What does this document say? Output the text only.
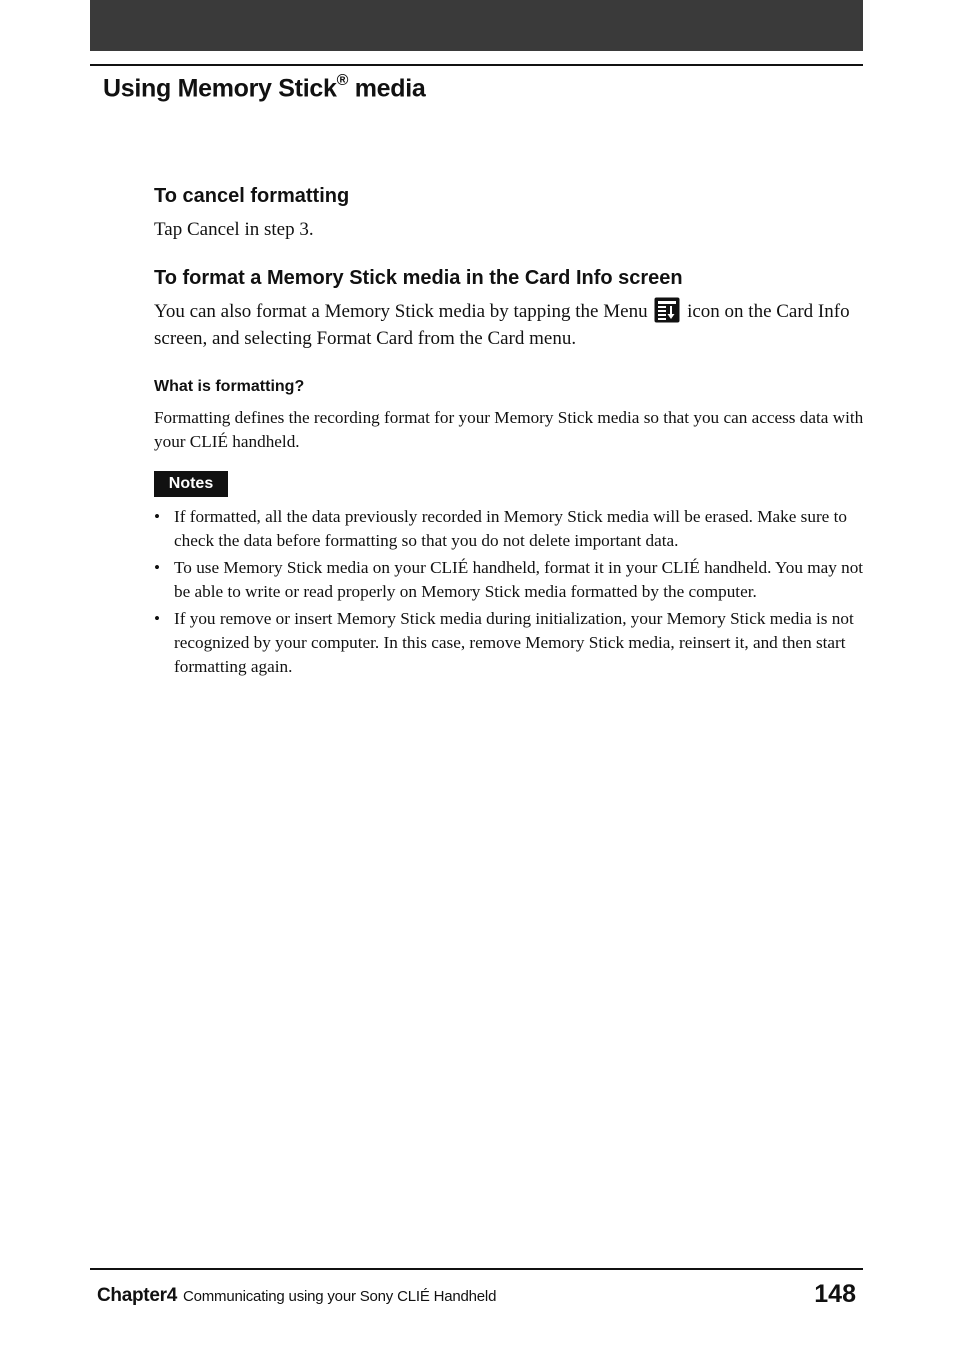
Using Memory Stick® media
To cancel formatting

Tap Cancel in step 3.

To format a Memory Stick media in the Card Info screen

You can also format a Memory Stick media by tapping the Menu icon on the Card Info screen, and selecting Format Card from the Card menu.

What is formatting?

Formatting defines the recording format for your Memory Stick media so that you can access data with your CLIÉ handheld.

Notes
• If formatted, all the data previously recorded in Memory Stick media will be erased. Make sure to check the data before formatting so that you do not delete important data.
• To use Memory Stick media on your CLIÉ handheld, format it in your CLIÉ handheld. You may not be able to write or read properly on Memory Stick media formatted by the computer.
• If you remove or insert Memory Stick media during initialization, your Memory Stick media is not recognized by your computer. In this case, remove Memory Stick media, reinsert it, and then start formatting again.
Chapter4 Communicating using your Sony CLIÉ Handheld	148
